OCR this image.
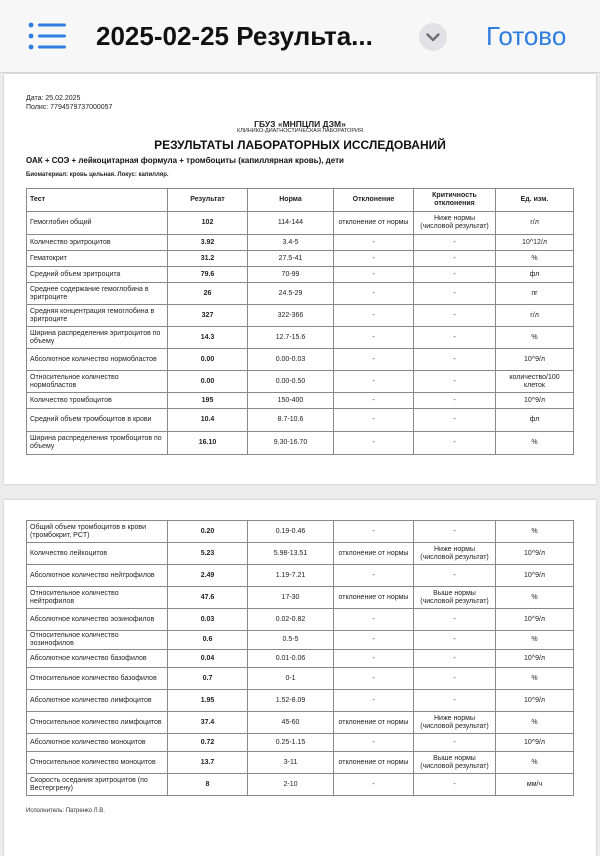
2025-02-25 Результа...	Готово
Дата: 25.02.2025
Полис: 7794579737000057
ГБУЗ «МНПЦЛИ ДЗМ»
КЛИНИКО-ДИАГНОСТИЧЕСКАЯ ЛАБОРАТОРИЯ
РЕЗУЛЬТАТЫ ЛАБОРАТОРНЫХ ИССЛЕДОВАНИЙ
ОАК + СОЭ + лейкоцитарная формула + тромбоциты (капиллярная кровь), дети
Биоматериал: кровь цельная. Локус: капилляр.
Тест	Результат	Норма	Отклонение	Критичность отклонения	Ед. изм.
Гемоглобин общий	102	114-144	отклонение от нормы	Ниже нормы (числовой результат)	г/л
Количество эритроцитов	3.92	3.4-5	-	-	10^12/л
Гематокрит	31.2	27.5-41	-	-	%
Средний объем эритроцита	79.6	70-99	-	-	фл
Среднее содержание гемоглобина в эритроците	26	24.5-29	-	-	пг
Средняя концентрация гемоглобина в эритроците	327	322-366	-	-	г/л
Ширина распределения эритроцитов по объему	14.3	12.7-15.6	-	-	%
Абсолютное количество нормобластов	0.00	0.00-0.03	-	-	10^9/л
Относительное количество нормобластов	0.00	0.00-0.50	-	-	количество/100 клеток
Количество тромбоцитов	195	150-400	-	-	10^9/л
Средний объем тромбоцитов в крови	10.4	8.7-10.6	-	-	фл
Ширина распределения тромбоцитов по объему	16.10	9.30-16.70	-	-	%
Общий объем тромбоцитов в крови (тромбокрит, PCT)	0.20	0.19-0.46	-	-	%
Количество лейкоцитов	5.23	5.98-13.51	отклонение от нормы	Ниже нормы (числовой результат)	10^9/л
Абсолютное количество нейтрофилов	2.49	1.19-7.21	-	-	10^9/л
Относительное количество нейтрофилов	47.6	17-30	отклонение от нормы	Выше нормы (числовой результат)	%
Абсолютное количество эозинофилов	0.03	0.02-0.82	-	-	10^9/л
Относительное количество эозинофилов	0.6	0.5-5	-	-	%
Абсолютное количество базофилов	0.04	0.01-0.06	-	-	10^9/л
Относительное количество базофилов	0.7	0-1	-	-	%
Абсолютное количество лимфоцитов	1.95	1.52-8.09	-	-	10^9/л
Относительное количество лимфоцитов	37.4	45-60	отклонение от нормы	Ниже нормы (числовой результат)	%
Абсолютное количество моноцитов	0.72	0.25-1.15	-	-	10^9/л
Относительное количество моноцитов	13.7	3-11	отклонение от нормы	Выше нормы (числовой результат)	%
Скорость оседания эритроцитов (по Вестергрену)	8	2-10	-	-	мм/ч
Исполнитель: Патренко Л.В.
